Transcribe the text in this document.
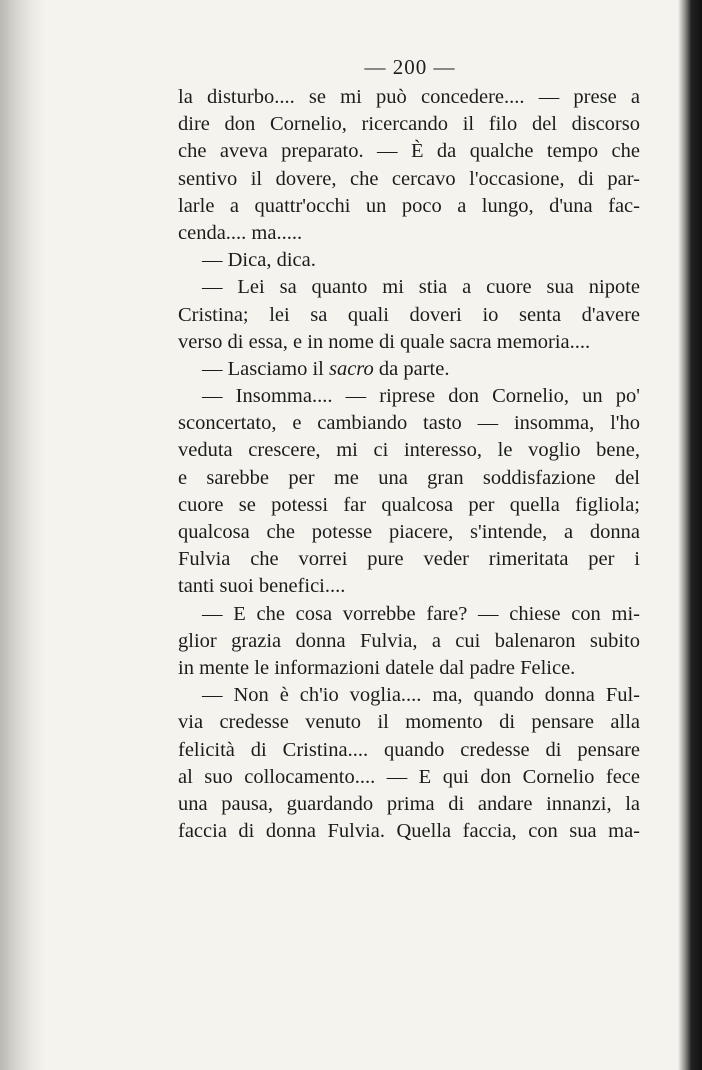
— 200 —
la disturbo.... se mi può concedere.... — prese a
dire don Cornelio, ricercando il filo del discorso
che aveva preparato. — È da qualche tempo che
sentivo il dovere, che cercavo l'occasione, di par-
larle a quattr'occhi un poco a lungo, d'una fac-
cenda.... ma.....
— Dica, dica.
— Lei sa quanto mi stia a cuore sua nipote
Cristina; lei sa quali doveri io senta d'avere
verso di essa, e in nome di quale sacra memoria....
— Lasciamo il sacro da parte.
— Insomma.... — riprese don Cornelio, un po'
sconcertato, e cambiando tasto — insomma, l'ho
veduta crescere, mi ci interesso, le voglio bene,
e sarebbe per me una gran soddisfazione del
cuore se potessi far qualcosa per quella figliola;
qualcosa che potesse piacere, s'intende, a donna
Fulvia che vorrei pure veder rimeritata per i
tanti suoi benefici....
— E che cosa vorrebbe fare? — chiese con mi-
glior grazia donna Fulvia, a cui balenaron subito
in mente le informazioni datele dal padre Felice.
— Non è ch'io voglia.... ma, quando donna Ful-
via credesse venuto il momento di pensare alla
felicità di Cristina.... quando credesse di pensare
al suo collocamento.... — E qui don Cornelio fece
una pausa, guardando prima di andare innanzi, la
faccia di donna Fulvia. Quella faccia, con sua ma-
